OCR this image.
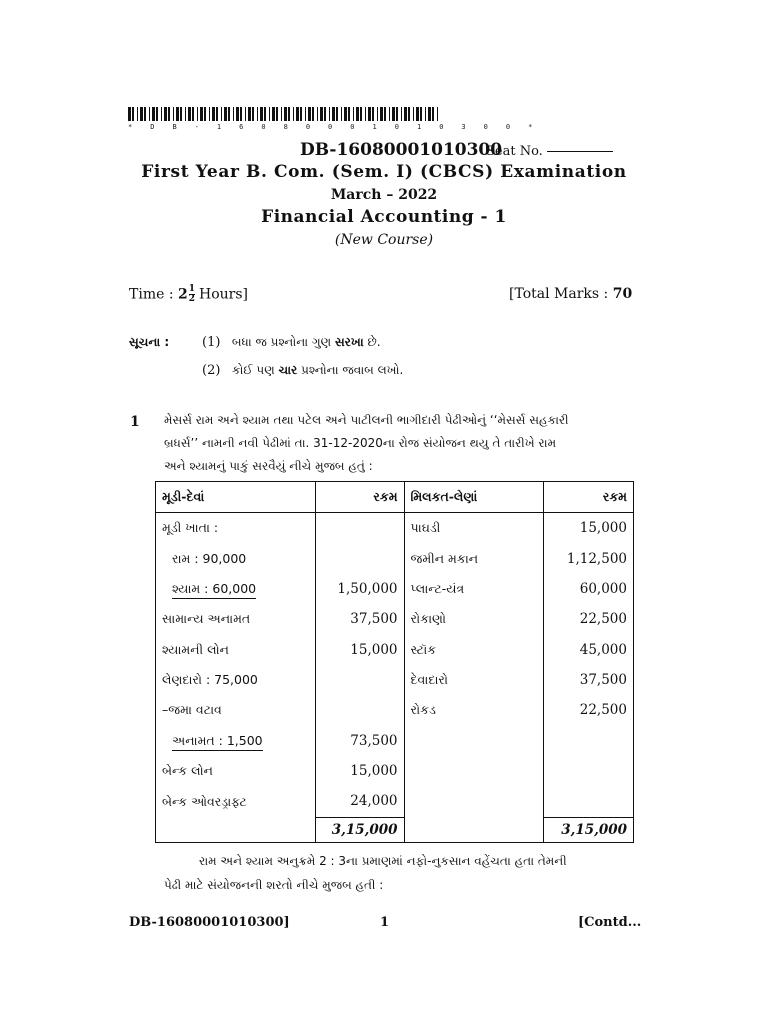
* D B - 1 6 0 8 0 0 0 1 0 1 0 3 0 0 *
DB-16080001010300
Seat No.
First Year B. Com. (Sem. I) (CBCS) Examination
March – 2022
Financial Accounting - 1
(New Course)
Time : $2 \frac{1}{2}$ Hours]	[Total Marks : 70
સૂચના :	(1) બધા જ પ્રશ્નોના ગુણ સરખા છે.
(2) કોઈ પણ ચાર પ્રશ્નોના જવાબ લખો.
1 મેસર્સ રામ અને શ્યામ તથા પટેલ અને પાટીલની ભાગીદારી પેઢીઓનું ‘‘મેસર્સ સહકારી
બ્રધર્સ’’ નામની નવી પેઢીમાં તા. 31-12-2020ના રોજ સંયોજન થયુ તે તારીખે રામ
અને શ્યામનું પાકું સરવૈયું નીચે મુજબ હતું :
મૂડી-દેવાં	રકમ	મિલકત-લેણાં	રકમ
મૂડી ખાતા :		પાઘડી	15,000
રામ : 90,000		જમીન મકાન	1,12,500
શ્યામ : 60,000	1,50,000	પ્લાન્ટ-યંત્ર	60,000
સામાન્ય અનામત	37,500	રોકાણો	22,500
શ્યામની લોન	15,000	સ્ટૉક	45,000
લેણદારો : 75,000		દેવાદારો	37,500
–જમા વટાવ		રોકડ	22,500
અનામત : 1,500	73,500		
બેન્ક લોન	15,000		
બેન્ક ઓવરડ્રાફ્ટ	24,000		
	3,15,000		3,15,000
રામ અને શ્યામ અનુક્રમે 2 : 3ના પ્રમાણમાં નફો-નુકસાન વહેંચતા હતા તેમની
પેઢી માટે સંયોજનની શરતો નીચે મુજબ હતી :
DB-16080001010300]	1	[Contd...
